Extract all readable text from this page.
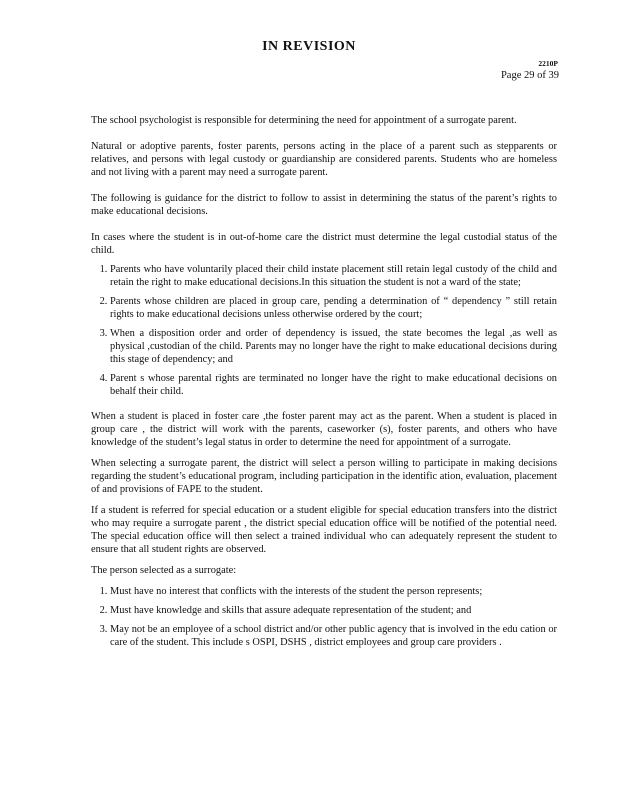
IN REVISION
2210P
Page 29 of 39

The school psychologist is responsible for determining the need for appointment of a surrogate parent.

Natural or adoptive parents, foster parents, persons acting in the place of a parent such as stepparents or relatives, and persons with legal custody or guardianship are considered parents. Students who are homeless and not living with a parent may need a surrogate parent.

The following is guidance for the district to follow to assist in determining the status of the parent’s rights to make educational decisions.

In cases where the student is in out-of-home care the district must determine the legal custodial status of the child.

1. Parents who have voluntarily placed their child instate placement still retain legal custody of the child and retain the right to make educational decisions.In this situation the student is not a ward of the state;
2. Parents whose children are placed in group care, pending a determination of “ dependency ” still retain rights to make educational decisions unless otherwise ordered by the court;
3. When a disposition order and order of dependency is issued, the state becomes the legal ,as well as physical ,custodian of the child. Parents may no longer have the right to make educational decisions during this stage of dependency; and
4. Parent s whose parental rights are terminated no longer have the right to make educational decisions on behalf their child.

When a student is placed in foster care ,the foster parent may act as the parent. When a student is placed in group care , the district will work with the parents, caseworker (s), foster parents, and others who have knowledge of the student’s legal status in order to determine the need for appointment of a surrogate.

When selecting a surrogate parent, the district will select a person willing to participate in making decisions regarding the student’s educational program, including participation in the identific ation, evaluation, placement of and provisions of FAPE to the student.

If a student is referred for special education or a student eligible for special education transfers into the district who may require a surrogate parent , the district special education office will be notified of the potential need. The special education office will then select a trained individual who can adequately represent the student to ensure that all student rights are observed.

The person selected as a surrogate:

1. Must have no interest that conflicts with the interests of the student the person represents;
2. Must have knowledge and skills that assure adequate representation of the student; and
3. May not be an employee of a school district and/or other public agency that is involved in the edu cation or care of the student. This include s OSPI, DSHS , district employees and group care providers .
